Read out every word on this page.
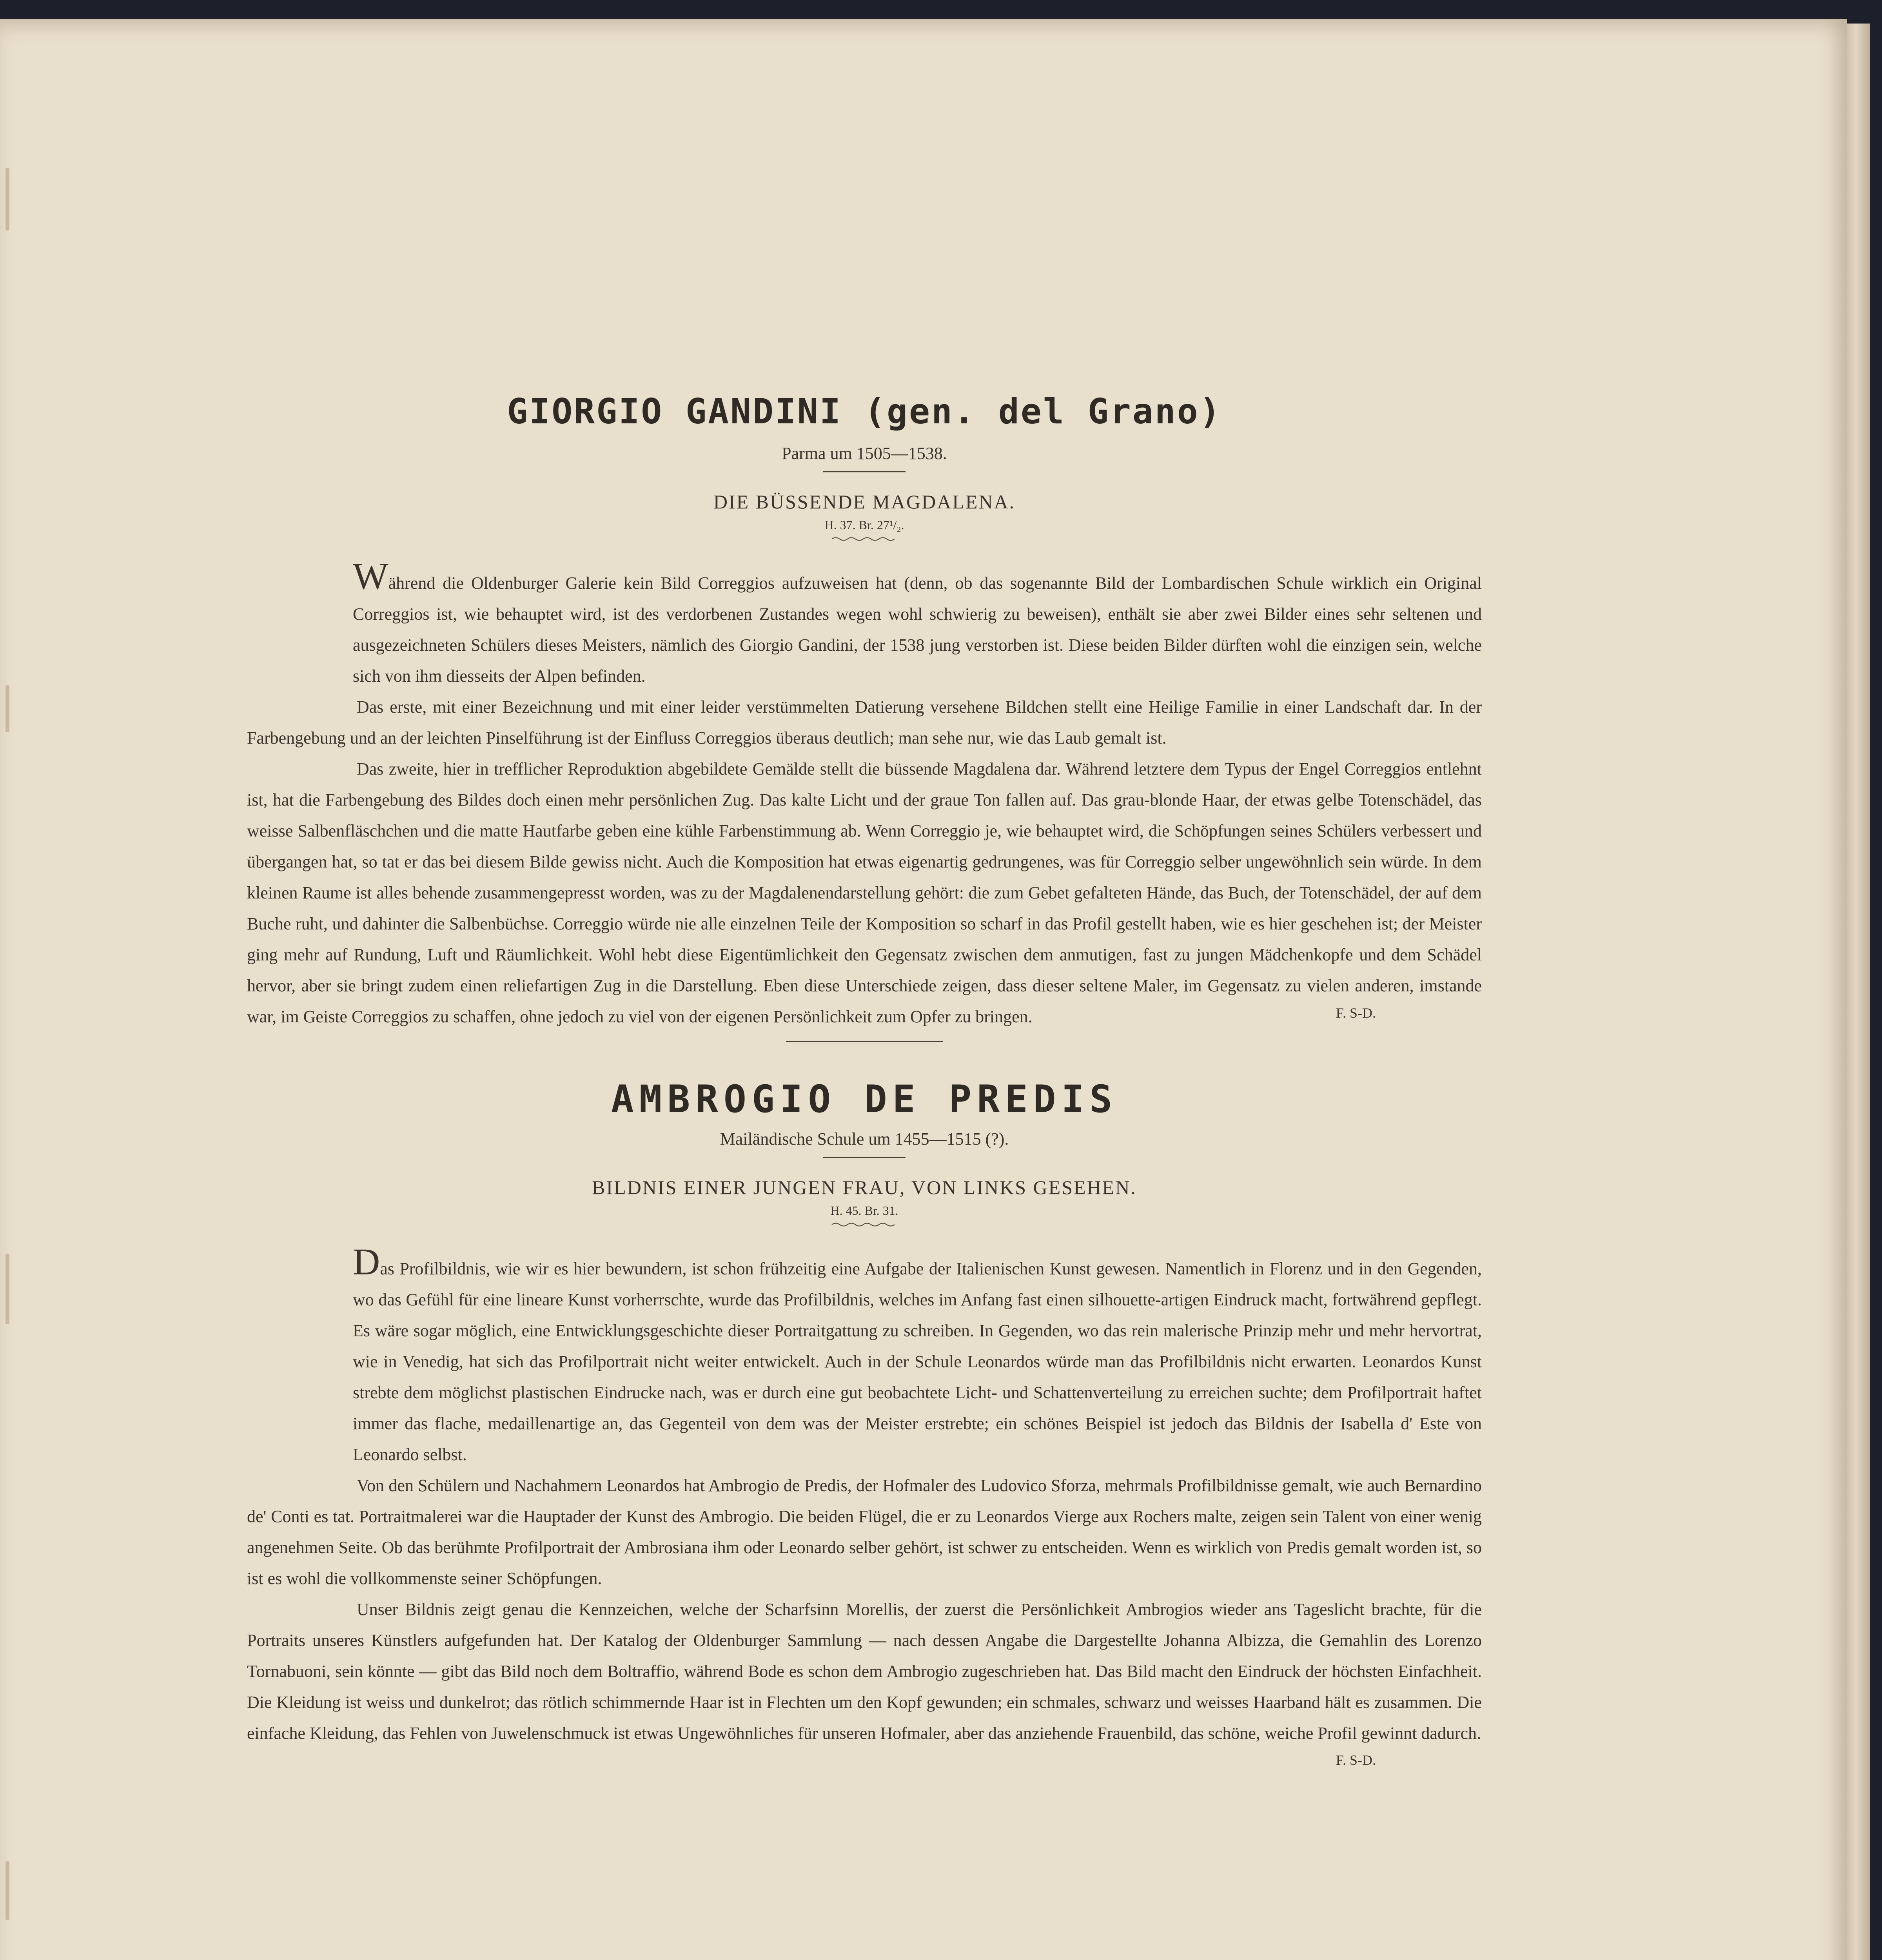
GIORGIO GANDINI (gen. del Grano)
Parma um 1505—1538.
DIE BÜSSENDE MAGDALENA.
H. 37. Br. 27¹/₂.

Während die Oldenburger Galerie kein Bild Correggios aufzuweisen hat (denn, ob das sogenannte Bild der Lombardischen Schule wirklich ein Original Correggios ist, wie behauptet wird, ist des verdorbenen Zustandes wegen wohl schwierig zu beweisen), enthält sie aber zwei Bilder eines sehr seltenen und ausgezeichneten Schülers dieses Meisters, nämlich des Giorgio Gandini, der 1538 jung verstorben ist. Diese beiden Bilder dürften wohl die einzigen sein, welche sich von ihm diesseits der Alpen befinden.

Das erste, mit einer Bezeichnung und mit einer leider verstümmelten Datierung versehene Bildchen stellt eine Heilige Familie in einer Landschaft dar. In der Farbengebung und an der leichten Pinselführung ist der Einfluss Correggios überaus deutlich; man sehe nur, wie das Laub gemalt ist.

Das zweite, hier in trefflicher Reproduktion abgebildete Gemälde stellt die büssende Magdalena dar. Während letztere dem Typus der Engel Correggios entlehnt ist, hat die Farbengebung des Bildes doch einen mehr persönlichen Zug. Das kalte Licht und der graue Ton fallen auf. Das grau-blonde Haar, der etwas gelbe Totenschädel, das weisse Salbenfläschchen und die matte Hautfarbe geben eine kühle Farbenstimmung ab. Wenn Correggio je, wie behauptet wird, die Schöpfungen seines Schülers verbessert und übergangen hat, so tat er das bei diesem Bilde gewiss nicht. Auch die Komposition hat etwas eigenartig gedrungenes, was für Correggio selber ungewöhnlich sein würde. In dem kleinen Raume ist alles behende zusammengepresst worden, was zu der Magdalenendarstellung gehört: die zum Gebet gefalteten Hände, das Buch, der Totenschädel, der auf dem Buche ruht, und dahinter die Salbenbüchse. Correggio würde nie alle einzelnen Teile der Komposition so scharf in das Profil gestellt haben, wie es hier geschehen ist; der Meister ging mehr auf Rundung, Luft und Räumlichkeit. Wohl hebt diese Eigentümlichkeit den Gegensatz zwischen dem anmutigen, fast zu jungen Mädchenkopfe und dem Schädel hervor, aber sie bringt zudem einen reliefartigen Zug in die Darstellung. Eben diese Unterschiede zeigen, dass dieser seltene Maler, im Gegensatz zu vielen anderen, imstande war, im Geiste Correggios zu schaffen, ohne jedoch zu viel von der eigenen Persönlichkeit zum Opfer zu bringen.	F. S-D.
AMBROGIO DE PREDIS
Mailändische Schule um 1455—1515 (?).
BILDNIS EINER JUNGEN FRAU, VON LINKS GESEHEN.
H. 45. Br. 31.

Das Profilbildnis, wie wir es hier bewundern, ist schon frühzeitig eine Aufgabe der Italienischen Kunst gewesen. Namentlich in Florenz und in den Gegenden, wo das Gefühl für eine lineare Kunst vorherrschte, wurde das Profilbildnis, welches im Anfang fast einen silhouette-artigen Eindruck macht, fortwährend gepflegt. Es wäre sogar möglich, eine Entwicklungsgeschichte dieser Portraitgattung zu schreiben. In Gegenden, wo das rein malerische Prinzip mehr und mehr hervortrat, wie in Venedig, hat sich das Profilportrait nicht weiter entwickelt. Auch in der Schule Leonardos würde man das Profilbildnis nicht erwarten. Leonardos Kunst strebte dem möglichst plastischen Eindrucke nach, was er durch eine gut beobachtete Licht- und Schattenverteilung zu erreichen suchte; dem Profilportrait haftet immer das flache, medaillenartige an, das Gegenteil von dem was der Meister erstrebte; ein schönes Beispiel ist jedoch das Bildnis der Isabella d' Este von Leonardo selbst.

Von den Schülern und Nachahmern Leonardos hat Ambrogio de Predis, der Hofmaler des Ludovico Sforza, mehrmals Profilbildnisse gemalt, wie auch Bernardino de' Conti es tat. Portraitmalerei war die Hauptader der Kunst des Ambrogio. Die beiden Flügel, die er zu Leonardos Vierge aux Rochers malte, zeigen sein Talent von einer wenig angenehmen Seite. Ob das berühmte Profilportrait der Ambrosiana ihm oder Leonardo selber gehört, ist schwer zu entscheiden. Wenn es wirklich von Predis gemalt worden ist, so ist es wohl die vollkommenste seiner Schöpfungen.

Unser Bildnis zeigt genau die Kennzeichen, welche der Scharfsinn Morellis, der zuerst die Persönlichkeit Ambrogios wieder ans Tageslicht brachte, für die Portraits unseres Künstlers aufgefunden hat. Der Katalog der Oldenburger Sammlung — nach dessen Angabe die Dargestellte Johanna Albizza, die Gemahlin des Lorenzo Tornabuoni, sein könnte — gibt das Bild noch dem Boltraffio, während Bode es schon dem Ambrogio zugeschrieben hat. Das Bild macht den Eindruck der höchsten Einfachheit. Die Kleidung ist weiss und dunkelrot; das rötlich schimmernde Haar ist in Flechten um den Kopf gewunden; ein schmales, schwarz und weisses Haarband hält es zusammen. Die einfache Kleidung, das Fehlen von Juwelenschmuck ist etwas Ungewöhnliches für unseren Hofmaler, aber das anziehende Frauenbild, das schöne, weiche Profil gewinnt dadurch.

F. S-D.
